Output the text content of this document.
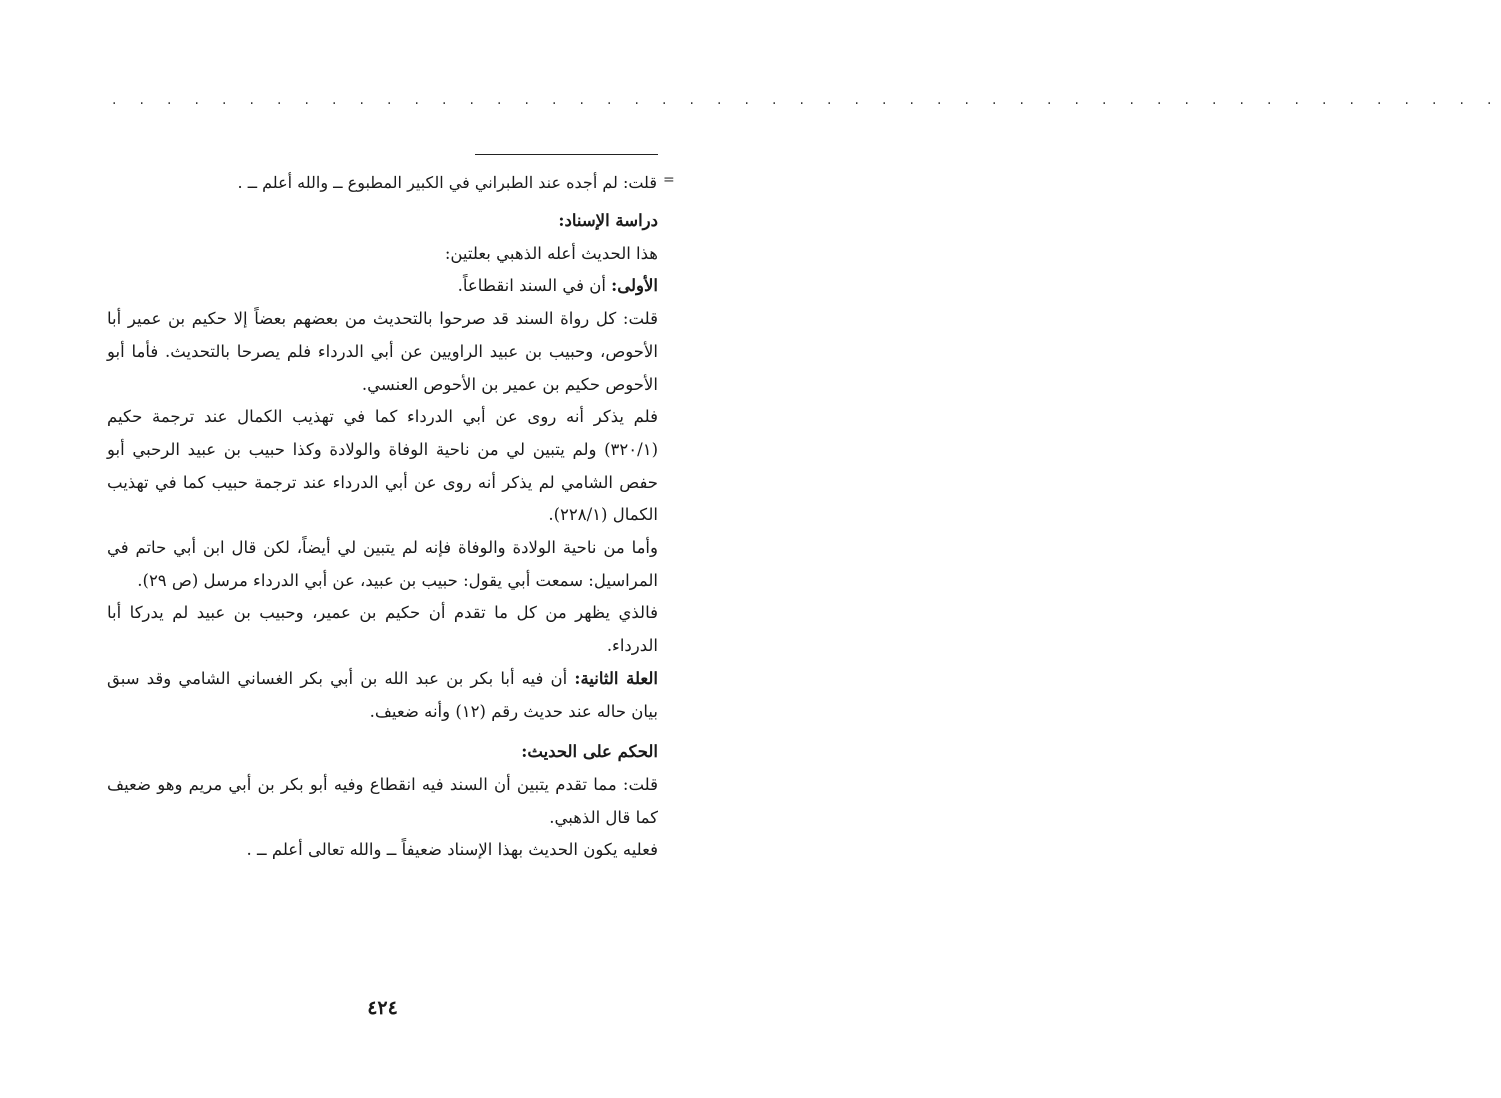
. . . . . . . . . . . . . . . . . . . . . . . . . . . . . . . . . . . . . . . . . . . . . . . . . . .
=
قلت: لم أجده عند الطبراني في الكبير المطبوع ــ والله أعلم ــ .

دراسة الإسناد:

هذا الحديث أعله الذهبي بعلتين:

الأولى: أن في السند انقطاعاً.

قلت: كل رواة السند قد صرحوا بالتحديث من بعضهم بعضاً إلا حكيم بن عمير أبا الأحوص، وحبيب بن عبيد الراويين عن أبي الدرداء فلم يصرحا بالتحديث. فأما أبو الأحوص حكيم بن عمير بن الأحوص العنسي.

فلم يذكر أنه روى عن أبي الدرداء كما في تهذيب الكمال عند ترجمة حكيم (٣٢٠/١) ولم يتبين لي من ناحية الوفاة والولادة وكذا حبيب بن عبيد الرحبي أبو حفص الشامي لم يذكر أنه روى عن أبي الدرداء عند ترجمة حبيب كما في تهذيب الكمال (٢٢٨/١).

وأما من ناحية الولادة والوفاة فإنه لم يتبين لي أيضاً، لكن قال ابن أبي حاتم في المراسيل: سمعت أبي يقول: حبيب بن عبيد، عن أبي الدرداء مرسل (ص ٢٩).

فالذي يظهر من كل ما تقدم أن حكيم بن عمير، وحبيب بن عبيد لم يدركا أبا الدرداء.

العلة الثانية: أن فيه أبا بكر بن عبد الله بن أبي بكر الغساني الشامي وقد سبق بيان حاله عند حديث رقم (١٢) وأنه ضعيف.

الحكم على الحديث:

قلت: مما تقدم يتبين أن السند فيه انقطاع وفيه أبو بكر بن أبي مريم وهو ضعيف كما قال الذهبي.

فعليه يكون الحديث بهذا الإسناد ضعيفاً ــ والله تعالى أعلم ــ .

٤٢٤
